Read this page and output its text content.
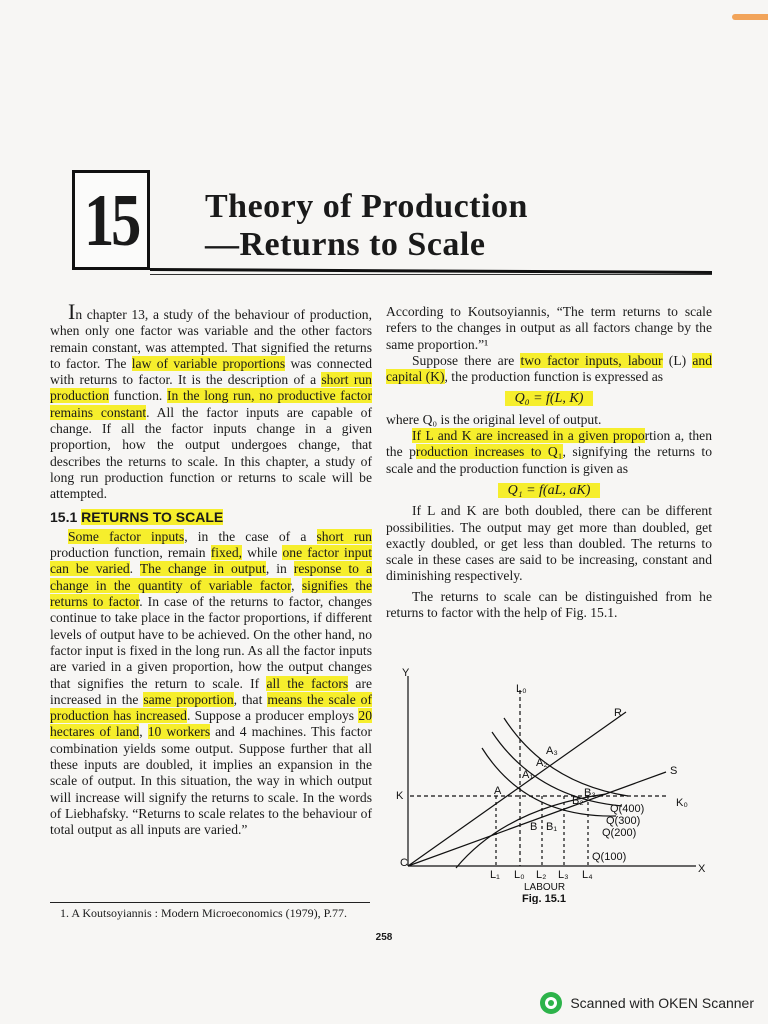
15 Theory of Production
—Returns to Scale

In chapter 13, a study of the behaviour of production, when only one factor was variable and the other factors remain constant, was attempted. That signified the returns to factor. The law of variable proportions was connected with returns to factor. It is the description of a short run production function. In the long run, no productive factor remains constant. All the factor inputs are capable of change. If all the factor inputs change in a given proportion, how the output undergoes change, that describes the returns to scale. In this chapter, a study of long run production function or returns to scale will be attempted.

15.1 RETURNS TO SCALE

Some factor inputs, in the case of a short run production function, remain fixed, while one factor input can be varied. The change in output, in response to a change in the quantity of variable factor, signifies the returns to factor. In case of the returns to factor, changes continue to take place in the factor proportions, if different levels of output have to be achieved. On the other hand, no factor input is fixed in the long run. As all the factor inputs are varied in a given proportion, how the output changes that signifies the return to scale. If all the factors are increased in the same proportion, that means the scale of production has increased. Suppose a producer employs 20 hectares of land, 10 workers and 4 machines. This factor combination yields some output. Suppose further that all these inputs are doubled, it implies an expansion in the scale of output. In this situation, the way in which output will increase will signify the returns to scale. In the words of Liebhafsky. “Returns to scale relates to the behaviour of total output as all inputs are varied.”

According to Koutsoyiannis, “The term returns to scale refers to the changes in output as all factors change by the same proportion.”¹

Suppose there are two factor inputs, labour (L) and capital (K), the production function is expressed as

Q₀ = f(L, K)

where Q₀ is the original level of output.

If L and K are increased in a given proportion a, then the production increases to Q₁, signifying the returns to scale and the production function is given as

Q₁ = f(aL, aK)

If L and K are both doubled, there can be different possibilities. The output may get more than doubled, get exactly doubled, or get less than doubled. The returns to scale in these cases are said to be increasing, constant and diminishing respectively.

The returns to scale can be distinguished from he returns to factor with the help of Fig. 15.1.

Y
X
K
C
L₀
R
S
K₀
A
A₁
A₂
A₃
B B₁
B₂
B₃
Q(400)
Q(300)
Q(200)
Q(100)
L₁ L₀ L₂ L₃ L₄
LABOUR
Fig. 15.1
1. A Koutsoyiannis : Modern Microeconomics (1979), P.77.
258
Scanned with OKEN Scanner
